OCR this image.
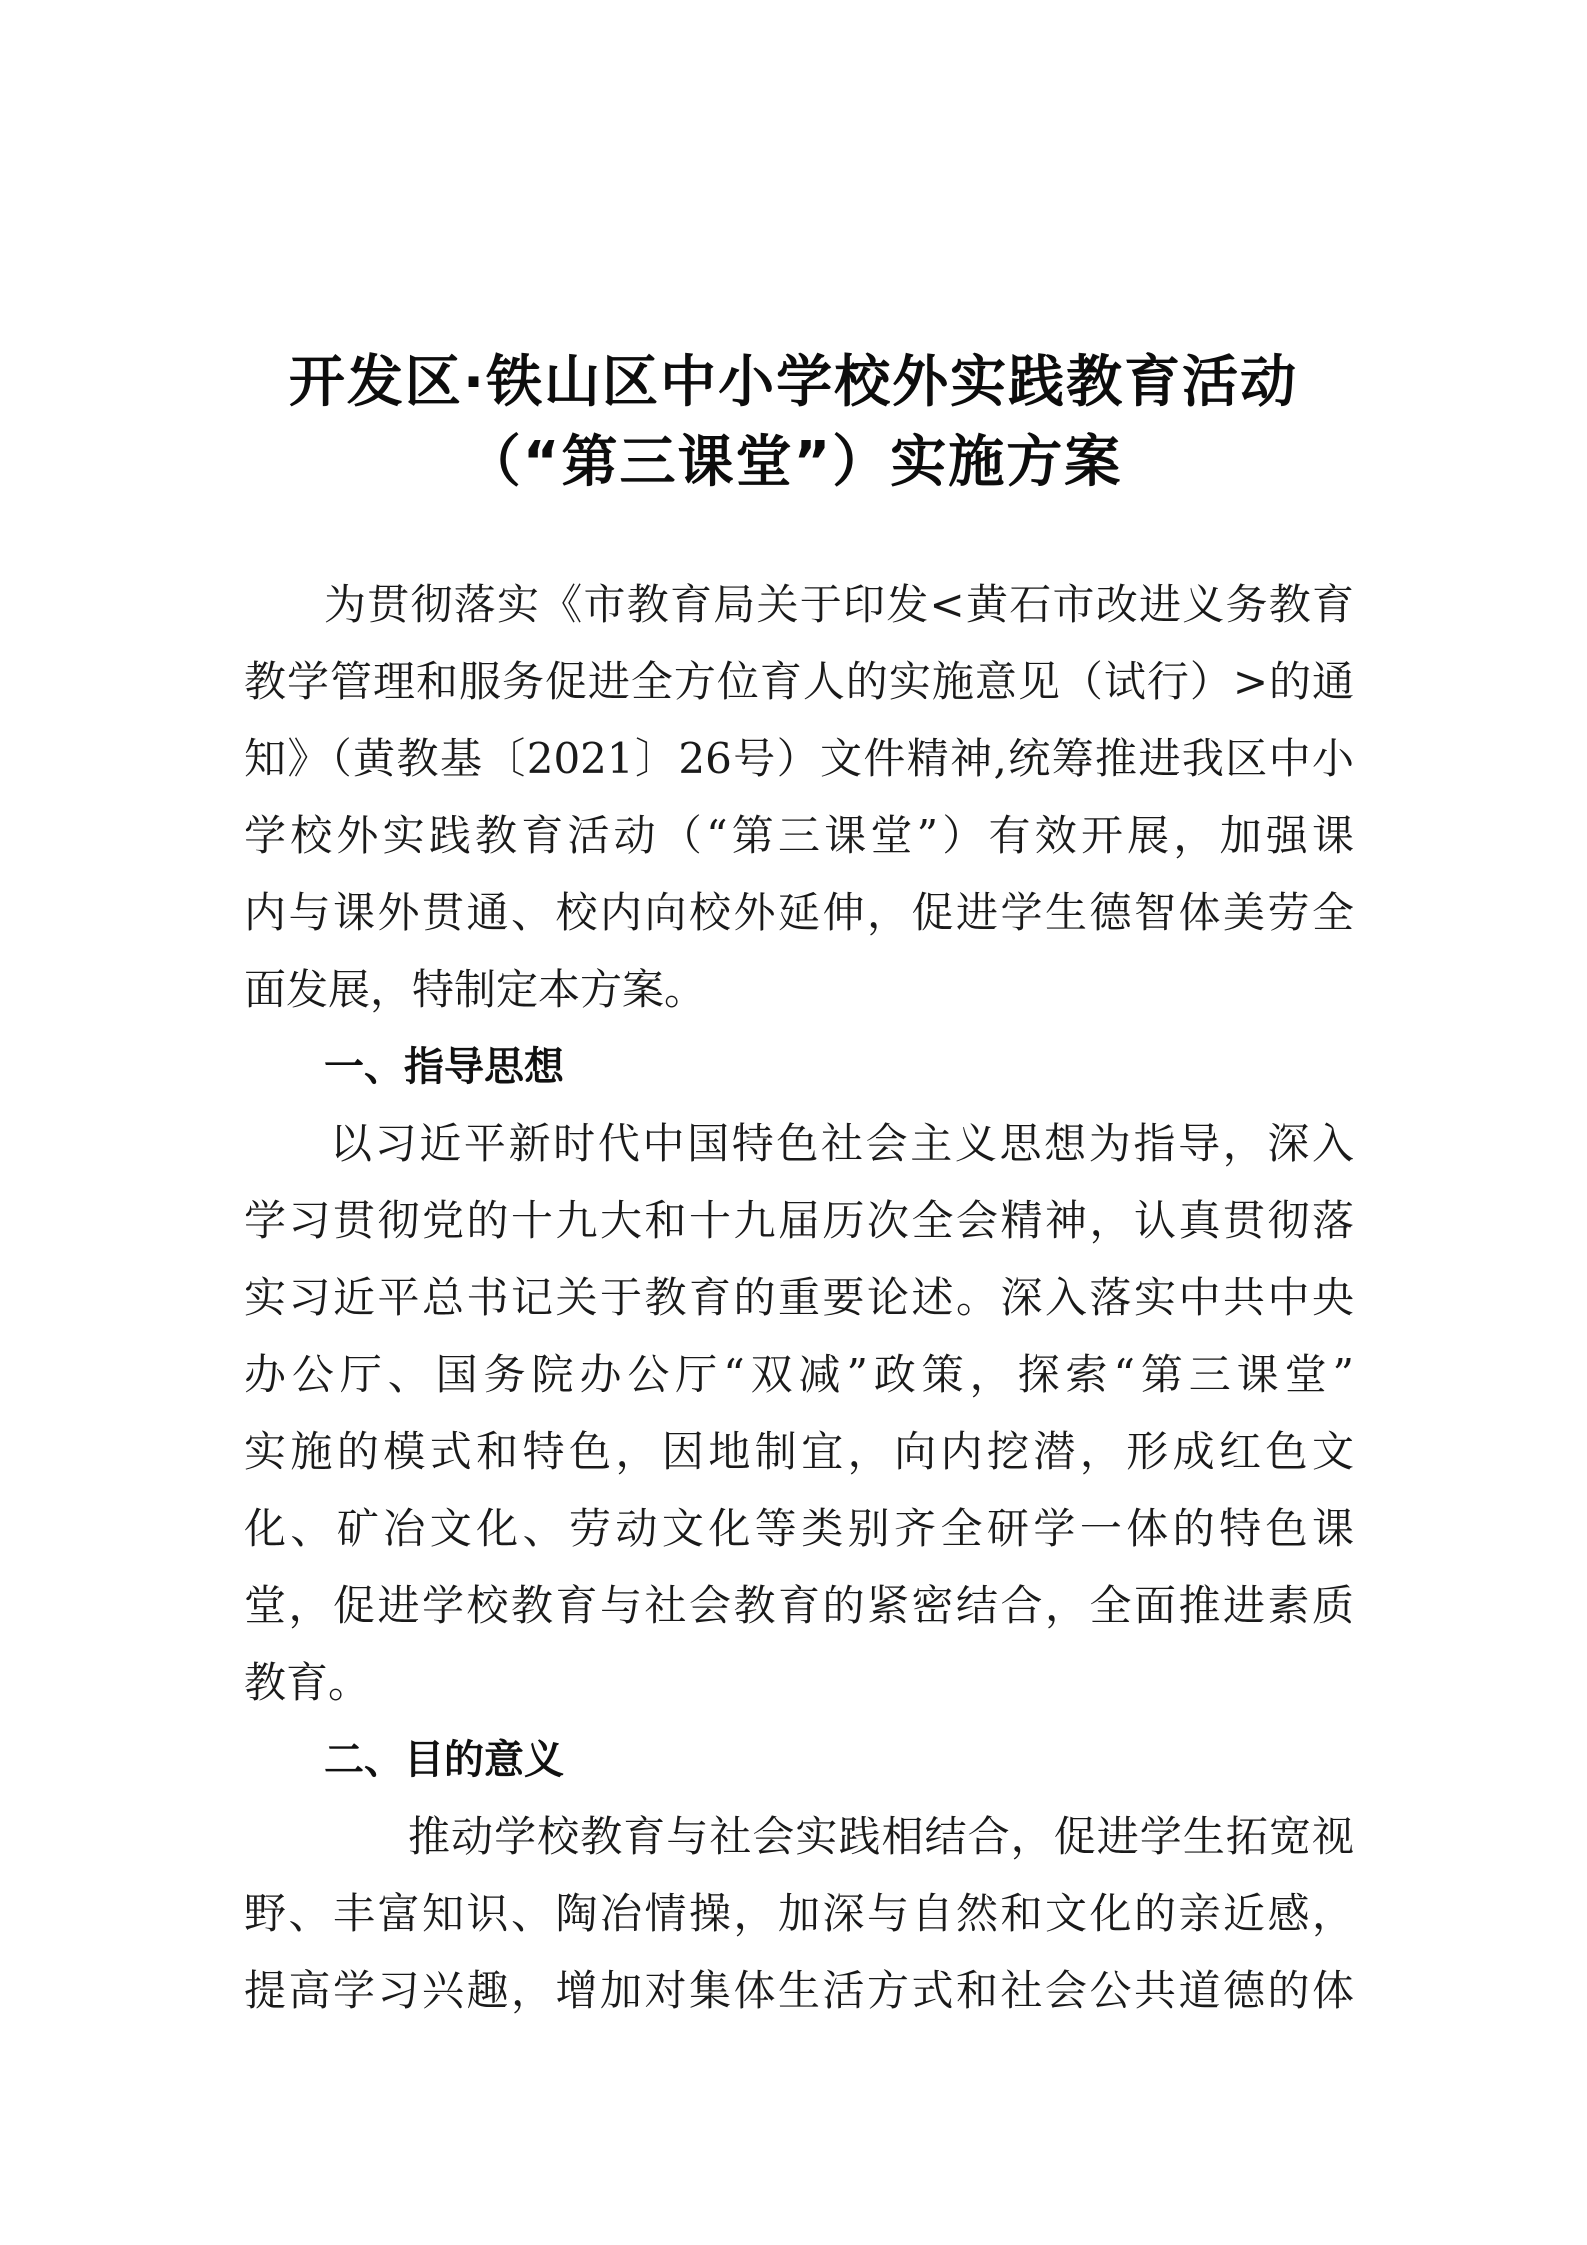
开发区·铁山区中小学校外实践教育活动
（“第三课堂”）实施方案
为贯彻落实《市教育局关于印发<黄石市改进义务教育
教学管理和服务促进全方位育人的实施意见（试行）>的通
知》（黄教基〔2021〕26号）文件精神,统筹推进我区中小
学校外实践教育活动（“第三课堂”）有效开展，加强课
内与课外贯通、校内向校外延伸，促进学生德智体美劳全
面发展，特制定本方案。
一、指导思想
以习近平新时代中国特色社会主义思想为指导，深入
学习贯彻党的十九大和十九届历次全会精神，认真贯彻落
实习近平总书记关于教育的重要论述。深入落实中共中央
办公厅、国务院办公厅“双减”政策，探索“第三课堂”
实施的模式和特色，因地制宜，向内挖潜，形成红色文
化、矿冶文化、劳动文化等类别齐全研学一体的特色课
堂，促进学校教育与社会教育的紧密结合，全面推进素质
教育。
二、目的意义
推动学校教育与社会实践相结合，促进学生拓宽视
野、丰富知识、陶冶情操，加深与自然和文化的亲近感，
提高学习兴趣，增加对集体生活方式和社会公共道德的体
